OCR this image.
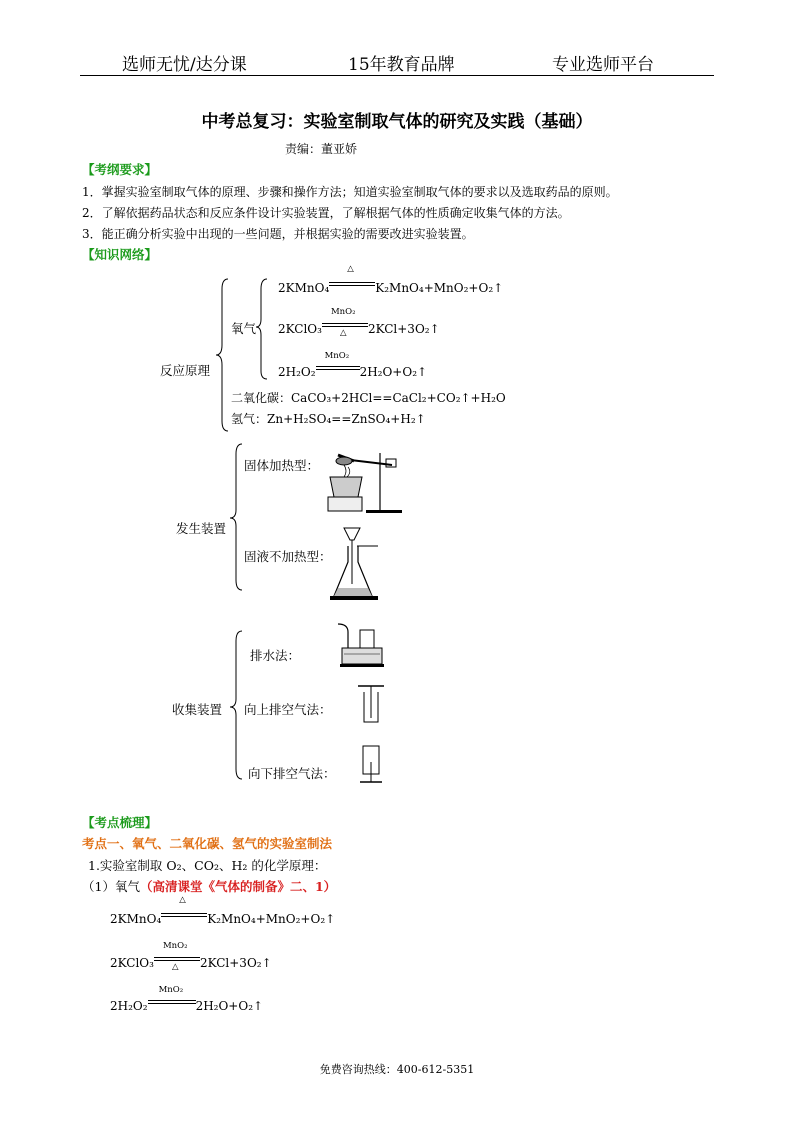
选师无忧/达分课	15年教育品牌	专业选师平台
中考总复习：实验室制取气体的研究及实践（基础）
责编：董亚娇
【考纲要求】
1．掌握实验室制取气体的原理、步骤和操作方法；知道实验室制取气体的要求以及选取药品的原则。
2．了解依据药品状态和反应条件设计实验装置，了解根据气体的性质确定收集气体的方法。
3．能正确分析实验中出现的一些问题，并根据实验的需要改进实验装置。
【知识网络】
反应原理
氧气
2KMnO₄
△
K₂MnO₄+MnO₂+O₂↑
2KClO₃ $\frac{\text{MnO₂}}{\triangle}$ 2KCl+3O₂↑
2H₂O₂
MnO₂
2H₂O+O₂↑
二氧化碳：CaCO₃+2HCl==CaCl₂+CO₂↑+H₂O
氢气：Zn+H₂SO₄==ZnSO₄+H₂↑
发生装置
固体加热型：
固液不加热型：
收集装置
排水法：
向上排空气法：
向下排空气法：
【考点梳理】
考点一、氧气、二氧化碳、氢气的实验室制法
1.实验室制取 O₂、CO₂、H₂ 的化学原理：
（1）氧气（高清课堂《气体的制备》二、1）
2KMnO₄
△
K₂MnO₄+MnO₂+O₂↑
2KClO₃ $\frac{\text{MnO₂}}{\triangle}$ 2KCl+3O₂↑
2H₂O₂
MnO₂
2H₂O+O₂↑
免费咨询热线：400-612-5351
